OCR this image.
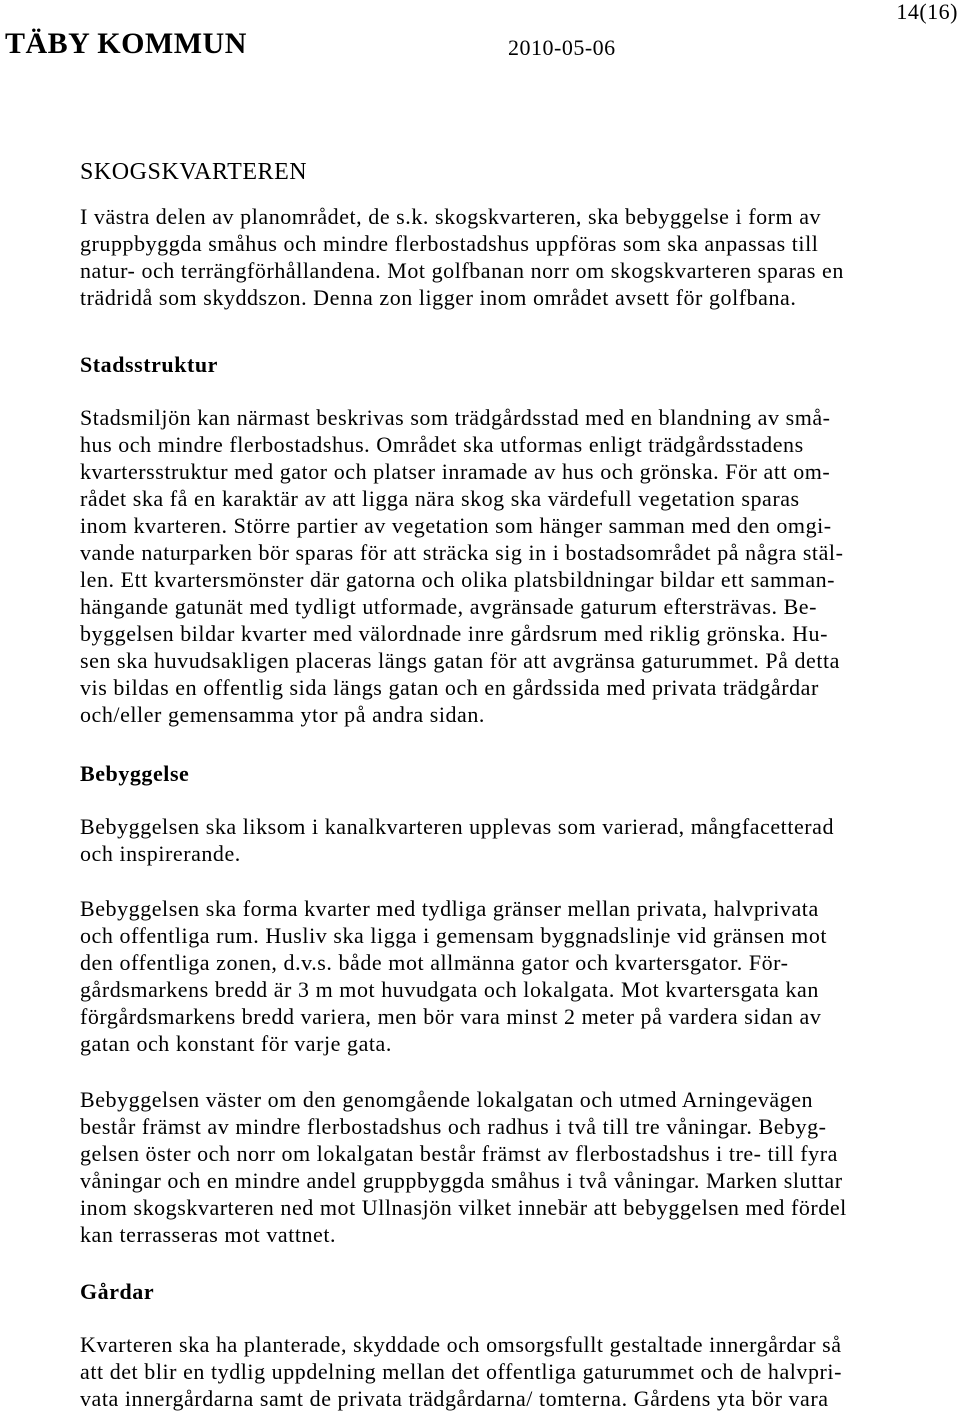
TÄBY KOMMUN	2010-05-06
14(16)
SKOGSKVARTEREN
I västra delen av planområdet, de s.k. skogskvarteren, ska bebyggelse i form av
gruppbyggda småhus och mindre flerbostadshus uppföras som ska anpassas till
natur- och terrängförhållandena. Mot golfbanan norr om skogskvarteren sparas en
trädridå som skyddszon. Denna zon ligger inom området avsett för golfbana.
Stadsstruktur
Stadsmiljön kan närmast beskrivas som trädgårdsstad med en blandning av små-
hus och mindre flerbostadshus. Området ska utformas enligt trädgårdsstadens
kvartersstruktur med gator och platser inramade av hus och grönska. För att om-
rådet ska få en karaktär av att ligga nära skog ska värdefull vegetation sparas
inom kvarteren. Större partier av vegetation som hänger samman med den omgi-
vande naturparken bör sparas för att sträcka sig in i bostadsområdet på några stäl-
len. Ett kvartersmönster där gatorna och olika platsbildningar bildar ett samman-
hängande gatunät med tydligt utformade, avgränsade gaturum eftersträvas. Be-
byggelsen bildar kvarter med välordnade inre gårdsrum med riklig grönska. Hu-
sen ska huvudsakligen placeras längs gatan för att avgränsa gaturummet. På detta
vis bildas en offentlig sida längs gatan och en gårdssida med privata trädgårdar
och/eller gemensamma ytor på andra sidan.
Bebyggelse
Bebyggelsen ska liksom i kanalkvarteren upplevas som varierad, mångfacetterad
och inspirerande.
Bebyggelsen ska forma kvarter med tydliga gränser mellan privata, halvprivata
och offentliga rum. Husliv ska ligga i gemensam byggnadslinje vid gränsen mot
den offentliga zonen, d.v.s. både mot allmänna gator och kvartersgator. För-
gårdsmarkens bredd är 3 m mot huvudgata och lokalgata. Mot kvartersgata kan
förgårdsmarkens bredd variera, men bör vara minst 2 meter på vardera sidan av
gatan och konstant för varje gata.
Bebyggelsen väster om den genomgående lokalgatan och utmed Arningevägen
består främst av mindre flerbostadshus och radhus i två till tre våningar. Bebyg-
gelsen öster och norr om lokalgatan består främst av flerbostadshus i tre- till fyra
våningar och en mindre andel gruppbyggda småhus i två våningar. Marken sluttar
inom skogskvarteren ned mot Ullnasjön vilket innebär att bebyggelsen med fördel
kan terrasseras mot vattnet.
Gårdar
Kvarteren ska ha planterade, skyddade och omsorgsfullt gestaltade innergårdar så
att det blir en tydlig uppdelning mellan det offentliga gaturummet och de halvpri-
vata innergårdarna samt de privata trädgårdarna/ tomterna. Gårdens yta bör vara
